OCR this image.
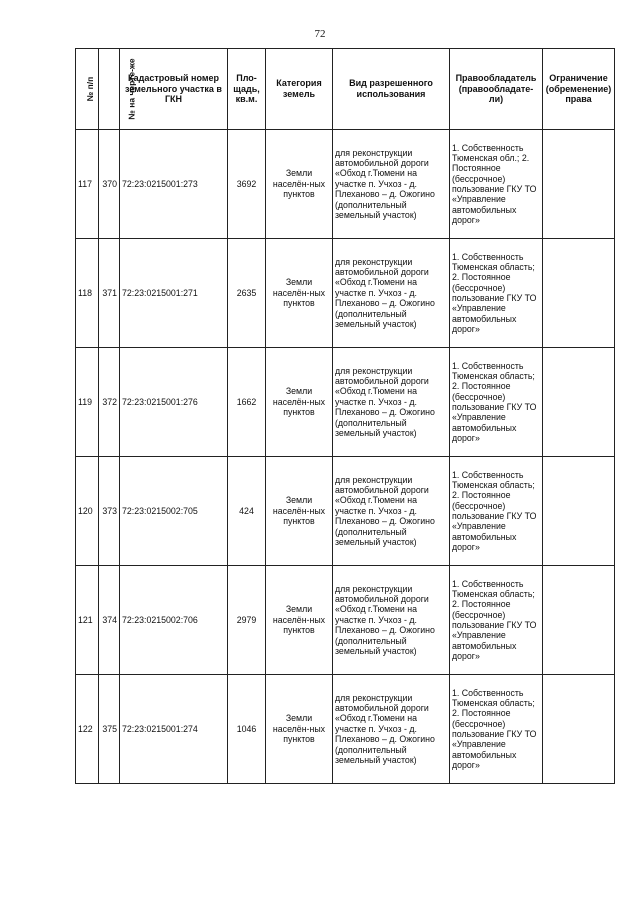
72
№ п/п	№ на черте-же	Кадастровый номер земельного участка в ГКН	Пло-щадь, кв.м.	Категория земель	Вид разрешенного использования	Правообладатель (правообладате-ли)	Ограничение (обременение) права
117	370	72:23:0215001:273	3692	Земли населён-ных пунктов	для реконструкции автомобильной дороги «Обход г.Тюмени на участке п. Учхоз - д. Плеханово – д. Ожогино (дополнительный земельный участок)	1. Собственность Тюменская обл.; 2. Постоянное (бессрочное) пользование ГКУ ТО «Управление автомобильных дорог»	
118	371	72:23:0215001:271	2635	Земли населён-ных пунктов	для реконструкции автомобильной дороги «Обход г.Тюмени на участке п. Учхоз - д. Плеханово – д. Ожогино (дополнительный земельный участок)	1. Собственность Тюменская область; 2. Постоянное (бессрочное) пользование ГКУ ТО «Управление автомобильных дорог»	
119	372	72:23:0215001:276	1662	Земли населён-ных пунктов	для реконструкции автомобильной дороги «Обход г.Тюмени на участке п. Учхоз - д. Плеханово – д. Ожогино (дополнительный земельный участок)	1. Собственность Тюменская область; 2. Постоянное (бессрочное) пользование ГКУ ТО «Управление автомобильных дорог»	
120	373	72:23:0215002:705	424	Земли населён-ных пунктов	для реконструкции автомобильной дороги «Обход г.Тюмени на участке п. Учхоз - д. Плеханово – д. Ожогино (дополнительный земельный участок)	1. Собственность Тюменская область; 2. Постоянное (бессрочное) пользование ГКУ ТО «Управление автомобильных дорог»	
121	374	72:23:0215002:706	2979	Земли населён-ных пунктов	для реконструкции автомобильной дороги «Обход г.Тюмени на участке п. Учхоз - д. Плеханово – д. Ожогино (дополнительный земельный участок)	1. Собственность Тюменская область; 2. Постоянное (бессрочное) пользование ГКУ ТО «Управление автомобильных дорог»	
122	375	72:23:0215001:274	1046	Земли населён-ных пунктов	для реконструкции автомобильной дороги «Обход г.Тюмени на участке п. Учхоз - д. Плеханово – д. Ожогино (дополнительный земельный участок)	1. Собственность Тюменская область; 2. Постоянное (бессрочное) пользование ГКУ ТО «Управление автомобильных дорог»	
